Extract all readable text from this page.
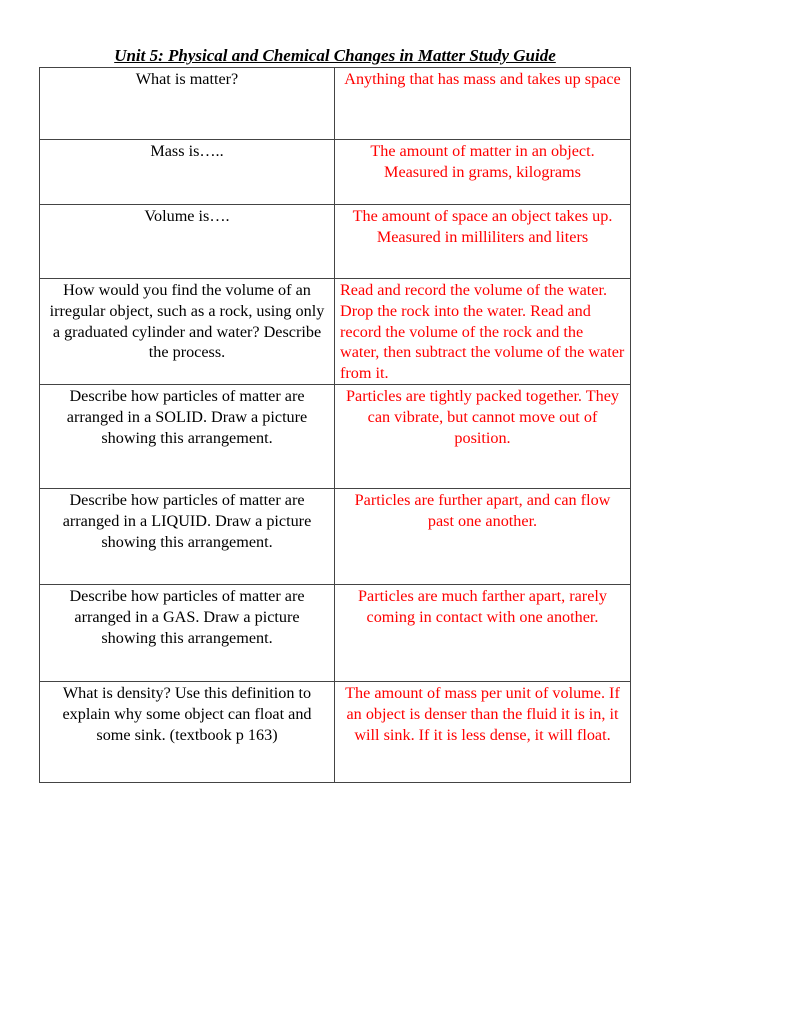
Unit 5: Physical and Chemical Changes in Matter Study Guide
What is matter?	Anything that has mass and takes up space
Mass is…..	The amount of matter in an object. Measured in grams, kilograms
Volume is….	The amount of space an object takes up. Measured in milliliters and liters
How would you find the volume of an irregular object, such as a rock, using only a graduated cylinder and water? Describe the process.	Read and record the volume of the water. Drop the rock into the water. Read and record the volume of the rock and the water, then subtract the volume of the water from it.
Describe how particles of matter are arranged in a SOLID. Draw a picture showing this arrangement.	Particles are tightly packed together. They can vibrate, but cannot move out of position.
Describe how particles of matter are arranged in a LIQUID. Draw a picture showing this arrangement.	Particles are further apart, and can flow past one another.
Describe how particles of matter are arranged in a GAS. Draw a picture showing this arrangement.	Particles are much farther apart, rarely coming in contact with one another.
What is density? Use this definition to explain why some object can float and some sink. (textbook p 163)	The amount of mass per unit of volume. If an object is denser than the fluid it is in, it will sink. If it is less dense, it will float.
